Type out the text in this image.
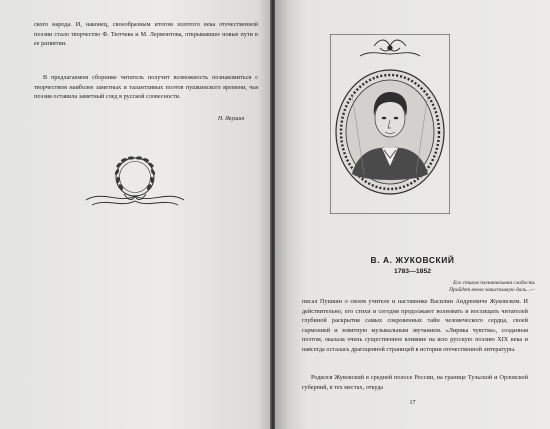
ского народа. И, наконец, своеобразным итогом золотого века отечественной поэзии стало творчество Ф. Тютчева и М. Лермонтова, открывавшее новые пути в ее развитии.

В предлагаемом сборнике читатель получит возможность познакомиться с творчеством наиболее заметных и талантливых поэтов пушкинского времени, чья поэзия оставила заметный след в русской словесности.

Н. Якушин

В. А. ЖУКОВСКИЙ

1783—1852
Его стихов пленительная сладость
Пройдет веков завистливую даль...—

писал Пушкин о своем учителе и наставнике Василии Андреевиче Жуковском. И действительно, его стихи и сегодня продолжают волновать и восхищать читателей глубиной раскрытия самых сокровенных тайн человеческого сердца, своей гармонией и зовитную музыкальным звучанием. «Лирика чувства», созданная поэтом, оказала очень существенное влияние на всю русскую поэзию XIX века и навсегда осталась драгоценной страницей в истории отечественной литературы.

Родился Жуковский в средней полосе России, на границе Тульской и Орловской губерний, в тех местах, откуда

17
